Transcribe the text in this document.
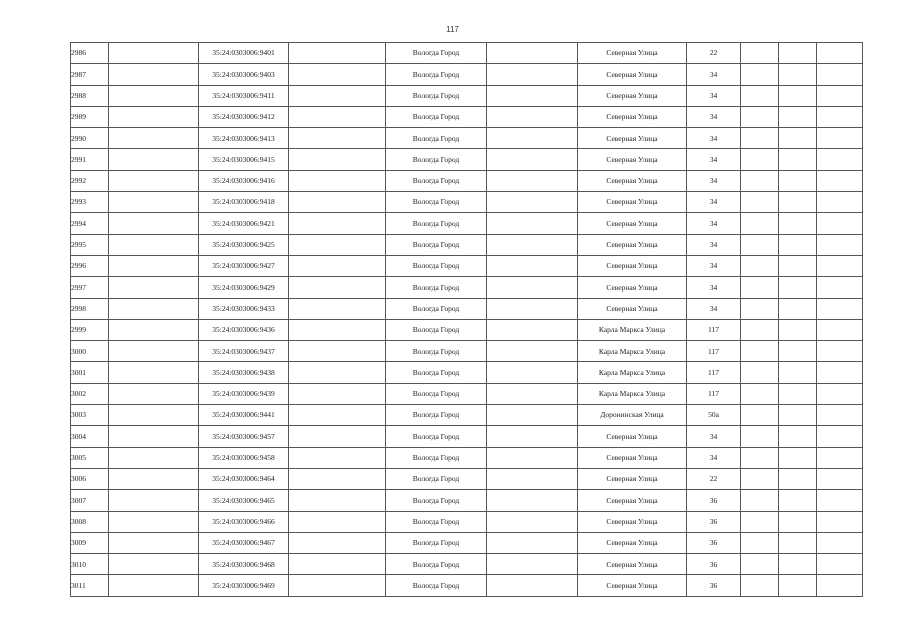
117
2986		35:24:0303006:9401		Вологда Город		Северная Улица	22			
2987		35:24:0303006:9403		Вологда Город		Северная Улица	34			
2988		35:24:0303006:9411		Вологда Город		Северная Улица	34			
2989		35:24:0303006:9412		Вологда Город		Северная Улица	34			
2990		35:24:0303006:9413		Вологда Город		Северная Улица	34			
2991		35:24:0303006:9415		Вологда Город		Северная Улица	34			
2992		35:24:0303006:9416		Вологда Город		Северная Улица	34			
2993		35:24:0303006:9418		Вологда Город		Северная Улица	34			
2994		35:24:0303006:9421		Вологда Город		Северная Улица	34			
2995		35:24:0303006:9425		Вологда Город		Северная Улица	34			
2996		35:24:0303006:9427		Вологда Город		Северная Улица	34			
2997		35:24:0303006:9429		Вологда Город		Северная Улица	34			
2998		35:24:0303006:9433		Вологда Город		Северная Улица	34			
2999		35:24:0303006:9436		Вологда Город		Карла Маркса Улица	117			
3000		35:24:0303006:9437		Вологда Город		Карла Маркса Улица	117			
3001		35:24:0303006:9438		Вологда Город		Карла Маркса Улица	117			
3002		35:24:0303006:9439		Вологда Город		Карла Маркса Улица	117			
3003		35:24:0303006:9441		Вологда Город		Доронинская Улица	50а			
3004		35:24:0303006:9457		Вологда Город		Северная Улица	34			
3005		35:24:0303006:9458		Вологда Город		Северная Улица	34			
3006		35:24:0303006:9464		Вологда Город		Северная Улица	22			
3007		35:24:0303006:9465		Вологда Город		Северная Улица	36			
3008		35:24:0303006:9466		Вологда Город		Северная Улица	36			
3009		35:24:0303006:9467		Вологда Город		Северная Улица	36			
3010		35:24:0303006:9468		Вологда Город		Северная Улица	36			
3011		35:24:0303006:9469		Вологда Город		Северная Улица	36			
